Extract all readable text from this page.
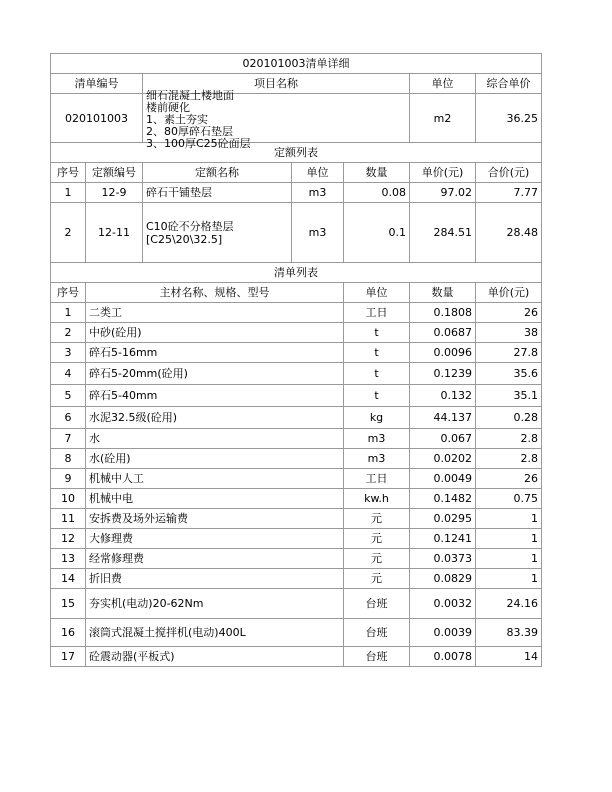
020101003清单详细							
清单编号		项目名称			单位	综合单价	
020101003		细石混凝土楼地面
楼前硬化
1、素土夯实
2、80厚碎石垫层
3、100厚C25砼面层			m2	36.25	
定额列表							
序号	定额编号	定额名称	单位	数量	单价(元)	合价(元)	
1	12-9	碎石干铺垫层	m3	0.08	97.02	7.77	
2	12-11	C10砼不分格垫层
[C25\20\32.5]	m3	0.1	284.51	28.48	
清单列表							
序号	主材名称、规格、型号			单位	数量	单价(元)	
1	二类工			工日	0.1808	26	
2	中砂(砼用)			t	0.0687	38	
3	碎石5-16mm			t	0.0096	27.8	
4	碎石5-20mm(砼用)			t	0.1239	35.6	
5	碎石5-40mm			t	0.132	35.1	
6	水泥32.5级(砼用)			kg	44.137	0.28	
7	水			m3	0.067	2.8	
8	水(砼用)			m3	0.0202	2.8	
9	机械中人工			工日	0.0049	26	
10	机械中电			kw.h	0.1482	0.75	
11	安拆费及场外运输费			元	0.0295	1	
12	大修理费			元	0.1241	1	
13	经常修理费			元	0.0373	1	
14	折旧费			元	0.0829	1	
15	夯实机(电动)20-62Nm			台班	0.0032	24.16	
16	滚筒式混凝土搅拌机(电动)400L			台班	0.0039	83.39	
17	砼震动器(平板式)			台班	0.0078	14	
